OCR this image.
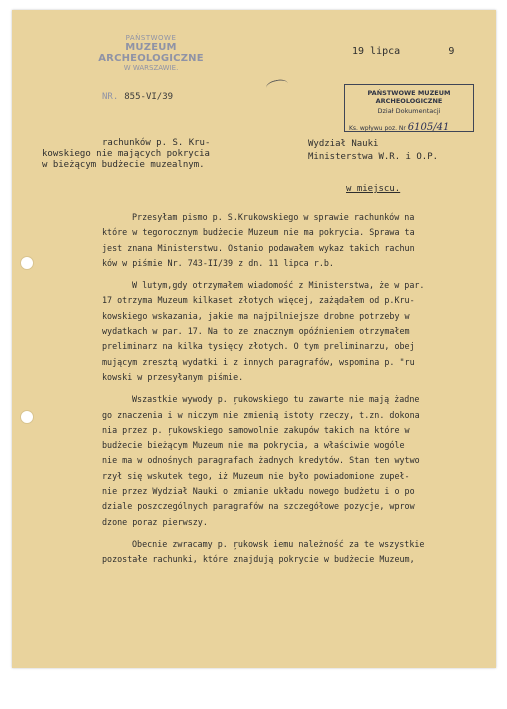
PAŃSTWOWE
MUZEUM ARCHEOLOGICZNE
W WARSZAWIE.
NR. 855-VI/39
19 lipca        9
PAŃSTWOWE MUZEUM ARCHEOLOGICZNE
Dział Dokumentacji
Ks. wpływu poz. Nr 6105/41
rachunków p. S. Kru-
kowskiego nie mających pokrycia
w bieżącym budżecie muzealnym.
Wydział Nauki
Ministerstwa W.R. i O.P.
w miejscu.
Przesyłam pismo p. S.Krukowskiego w sprawie rachunków na
które w tegorocznym budżecie Muzeum nie ma pokrycia. Sprawa ta
jest znana Ministerstwu. Ostanio podawałem wykaz takich rachun
ków w piśmie Nr. 743-II/39 z dn. 11 lipca r.b.
W lutym,gdy otrzymałem wiadomość z Ministerstwa, że w par.
17 otrzyma Muzeum kilkaset złotych więcej, zażądałem od p.Kru-
kowskiego wskazania, jakie ma najpilniejsze drobne potrzeby w
wydatkach w par. 17. Na to ze znacznym opóźnieniem otrzymałem
preliminarz na kilka tysięcy złotych. O tym preliminarzu, obej
mującym zresztą wydatki i z innych paragrafów, wspomina p. "ru
kowski w przesyłanym piśmie.
Wszastkie wywody p. ̦rukowskiego tu zawarte nie mają żadne
go znaczenia i w niczym nie zmienią istoty rzeczy, t.zn. dokona
nia przez p. ̦rukowskiego samowolnie zakupów takich na które w
budżecie bieżącym Muzeum nie ma pokrycia, a właściwie wogóle
nie ma w odnośnych paragrafach żadnych kredytów. Stan ten wytwo
rzył się wskutek tego, iż Muzeum nie było powiadomione zupeł-
nie przez Wydział Nauki o zmianie układu nowego budżetu i o po
dziale poszczególnych paragrafów na szczegółowe pozycje, wprow
dzone poraz pierwszy.
Obecnie zwracamy p. ̦rukowsk iemu należność za te wszystkie
pozostałe rachunki, które znajdują pokrycie w budżecie Muzeum,
